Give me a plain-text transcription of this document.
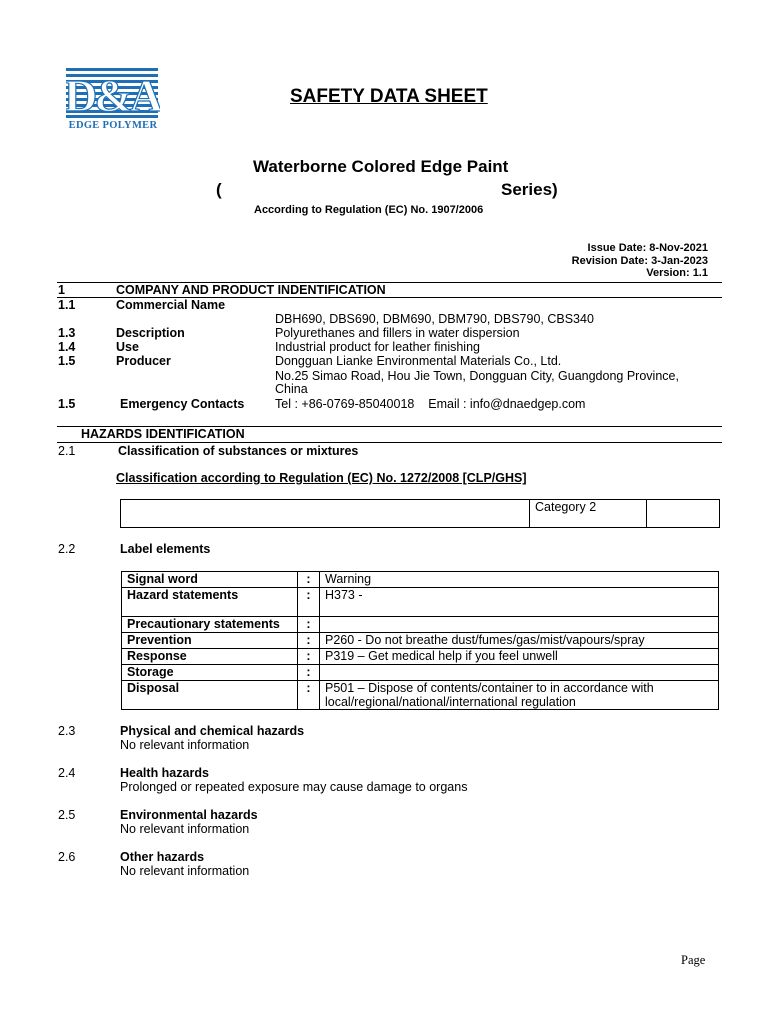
D&A
EDGE POLYMER
SAFETY DATA SHEET
Waterborne Colored Edge Paint
(	Series)
According to Regulation (EC) No. 1907/2006
Issue Date: 8-Nov-2021
Revision Date: 3-Jan-2023
Version: 1.1
1	COMPANY AND PRODUCT INDENTIFICATION
1.1	Commercial Name
DBH690, DBS690, DBM690, DBM790, DBS790, CBS340
1.3	Description	Polyurethanes and fillers in water dispersion
1.4	Use	Industrial product for leather finishing
1.5	Producer	Dongguan Lianke Environmental Materials Co., Ltd.
No.25 Simao Road, Hou Jie Town, Dongguan City, Guangdong Province,
China
1.5	Emergency Contacts Tel : +86-0769-85040018    Email : info@dnaedgep.com
HAZARDS IDENTIFICATION
2.1	Classification of substances or mixtures
Classification according to Regulation (EC) No. 1272/2008 [CLP/GHS]
	Category 2	
2.2	Label elements
Signal word	:	Warning
Hazard statements	:	H373 -
Precautionary statements	:	
Prevention	:	P260 - Do not breathe dust/fumes/gas/mist/vapours/spray
Response	:	P319 – Get medical help if you feel unwell
Storage	:	
Disposal	:	P501 – Dispose of contents/container to in accordance with
local/regional/national/international regulation
2.3	Physical and chemical hazards
No relevant information
2.4	Health hazards
Prolonged or repeated exposure may cause damage to organs
2.5	Environmental hazards
No relevant information
2.6	Other hazards
No relevant information
Page
